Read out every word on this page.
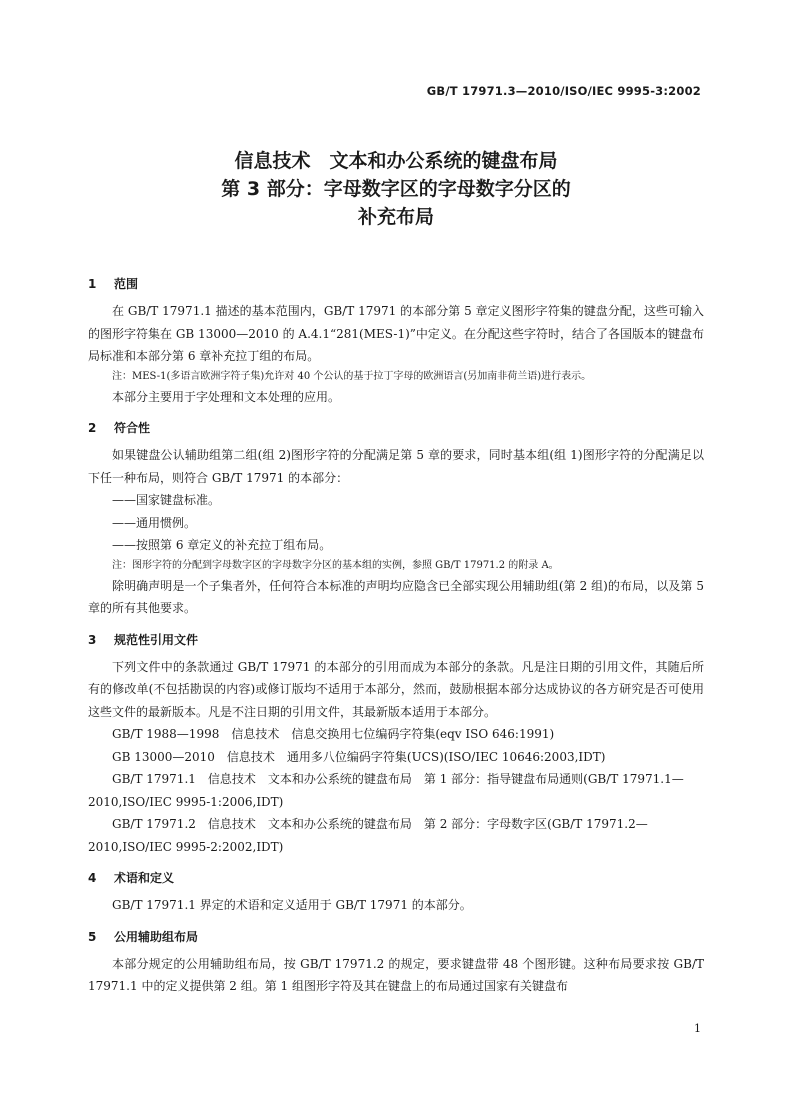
GB/T 17971.3—2010/ISO/IEC 9995-3:2002
信息技术　文本和办公系统的键盘布局
第 3 部分：字母数字区的字母数字分区的
补充布局
1 范围

在 GB/T 17971.1 描述的基本范围内，GB/T 17971 的本部分第 5 章定义图形字符集的键盘分配，这些可输入的图形字符集在 GB 13000—2010 的 A.4.1“281(MES-1)”中定义。在分配这些字符时，结合了各国版本的键盘布局标准和本部分第 6 章补充拉丁组的布局。

注：MES-1(多语言欧洲字符子集)允许对 40 个公认的基于拉丁字母的欧洲语言(另加南非荷兰语)进行表示。

本部分主要用于字处理和文本处理的应用。

2 符合性

如果键盘公认辅助组第二组(组 2)图形字符的分配满足第 5 章的要求，同时基本组(组 1)图形字符的分配满足以下任一种布局，则符合 GB/T 17971 的本部分：

——国家键盘标准。
——通用惯例。
——按照第 6 章定义的补充拉丁组布局。
注：图形字符的分配到字母数字区的字母数字分区的基本组的实例，参照 GB/T 17971.2 的附录 A。

除明确声明是一个子集者外，任何符合本标准的声明均应隐含已全部实现公用辅助组(第 2 组)的布局，以及第 5 章的所有其他要求。

3 规范性引用文件

下列文件中的条款通过 GB/T 17971 的本部分的引用而成为本部分的条款。凡是注日期的引用文件，其随后所有的修改单(不包括勘误的内容)或修订版均不适用于本部分，然而，鼓励根据本部分达成协议的各方研究是否可使用这些文件的最新版本。凡是不注日期的引用文件，其最新版本适用于本部分。

GB/T 1988—1998　信息技术　信息交换用七位编码字符集(eqv ISO 646:1991)
GB 13000—2010　信息技术　通用多八位编码字符集(UCS)(ISO/IEC 10646:2003,IDT)
GB/T 17971.1　信息技术　文本和办公系统的键盘布局　第 1 部分：指导键盘布局通则(GB/T 17971.1—2010,ISO/IEC 9995-1:2006,IDT)
GB/T 17971.2　信息技术　文本和办公系统的键盘布局　第 2 部分：字母数字区(GB/T 17971.2—2010,ISO/IEC 9995-2:2002,IDT)
4 术语和定义

GB/T 17971.1 界定的术语和定义适用于 GB/T 17971 的本部分。

5 公用辅助组布局

本部分规定的公用辅助组布局，按 GB/T 17971.2 的规定，要求键盘带 48 个图形键。这种布局要求按 GB/T 17971.1 中的定义提供第 2 组。第 1 组图形字符及其在键盘上的布局通过国家有关键盘布

1
